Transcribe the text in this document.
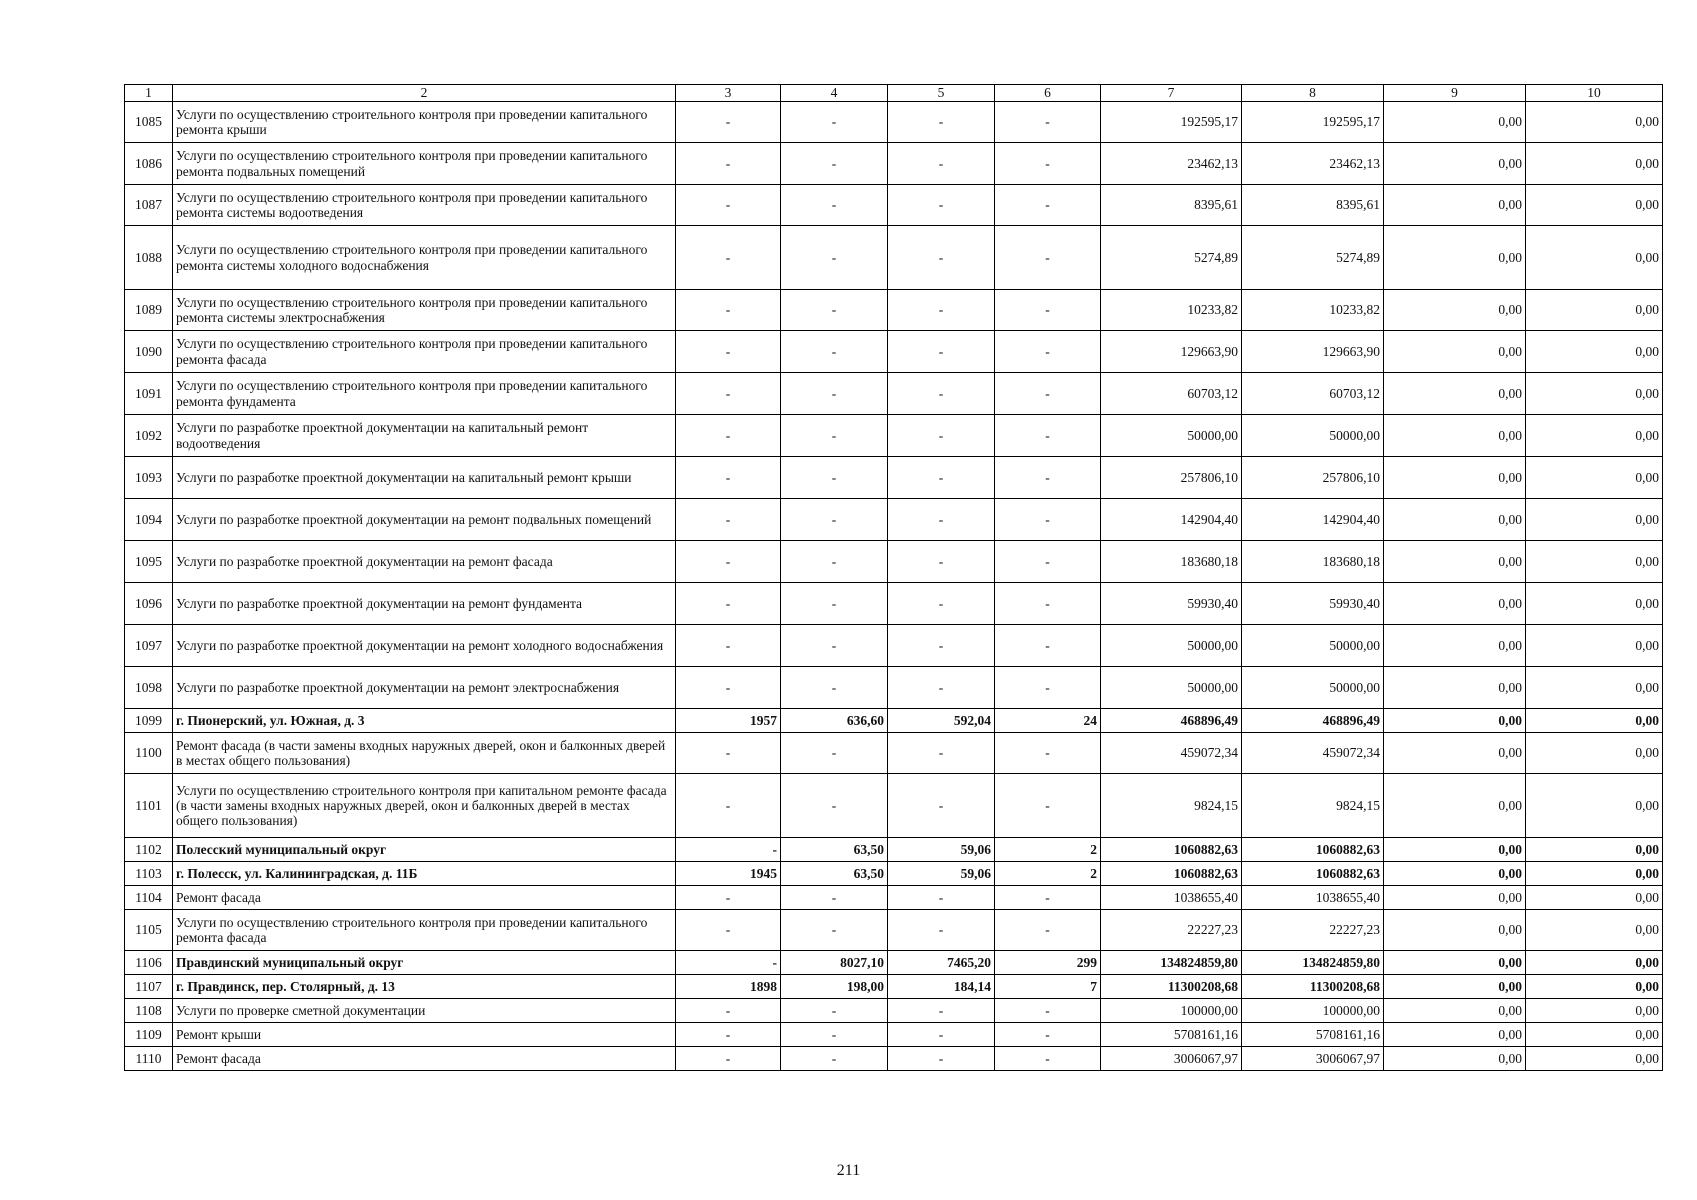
1	2	3	4	5	6	7	8	9	10
1085	Услуги по осуществлению строительного контроля при проведении капитального ремонта крыши	-	-	-	-	192595,17	192595,17	0,00	0,00
1086	Услуги по осуществлению строительного контроля при проведении капитального ремонта подвальных помещений	-	-	-	-	23462,13	23462,13	0,00	0,00
1087	Услуги по осуществлению строительного контроля при проведении капитального ремонта системы водоотведения	-	-	-	-	8395,61	8395,61	0,00	0,00
1088	Услуги по осуществлению строительного контроля при проведении капитального ремонта системы холодного водоснабжения	-	-	-	-	5274,89	5274,89	0,00	0,00
1089	Услуги по осуществлению строительного контроля при проведении капитального ремонта системы электроснабжения	-	-	-	-	10233,82	10233,82	0,00	0,00
1090	Услуги по осуществлению строительного контроля при проведении капитального ремонта фасада	-	-	-	-	129663,90	129663,90	0,00	0,00
1091	Услуги по осуществлению строительного контроля при проведении капитального ремонта фундамента	-	-	-	-	60703,12	60703,12	0,00	0,00
1092	Услуги по разработке проектной документации на капитальный ремонт водоотведения	-	-	-	-	50000,00	50000,00	0,00	0,00
1093	Услуги по разработке проектной документации на капитальный ремонт крыши	-	-	-	-	257806,10	257806,10	0,00	0,00
1094	Услуги по разработке проектной документации на ремонт подвальных помещений	-	-	-	-	142904,40	142904,40	0,00	0,00
1095	Услуги по разработке проектной документации на ремонт фасада	-	-	-	-	183680,18	183680,18	0,00	0,00
1096	Услуги по разработке проектной документации на ремонт фундамента	-	-	-	-	59930,40	59930,40	0,00	0,00
1097	Услуги по разработке проектной документации на ремонт холодного водоснабжения	-	-	-	-	50000,00	50000,00	0,00	0,00
1098	Услуги по разработке проектной документации на ремонт электроснабжения	-	-	-	-	50000,00	50000,00	0,00	0,00
1099	г. Пионерский, ул. Южная, д. 3	1957	636,60	592,04	24	468896,49	468896,49	0,00	0,00
1100	Ремонт фасада (в части замены входных наружных дверей, окон и балконных дверей в местах общего пользования)	-	-	-	-	459072,34	459072,34	0,00	0,00
1101	Услуги по осуществлению строительного контроля при капитальном ремонте фасада (в части замены входных наружных дверей, окон и балконных дверей в местах общего пользования)	-	-	-	-	9824,15	9824,15	0,00	0,00
1102	Полесский муниципальный округ	-	63,50	59,06	2	1060882,63	1060882,63	0,00	0,00
1103	г. Полесск, ул. Калининградская, д. 11Б	1945	63,50	59,06	2	1060882,63	1060882,63	0,00	0,00
1104	Ремонт фасада	-	-	-	-	1038655,40	1038655,40	0,00	0,00
1105	Услуги по осуществлению строительного контроля при проведении капитального ремонта фасада	-	-	-	-	22227,23	22227,23	0,00	0,00
1106	Правдинский муниципальный округ	-	8027,10	7465,20	299	134824859,80	134824859,80	0,00	0,00
1107	г. Правдинск, пер. Столярный, д. 13	1898	198,00	184,14	7	11300208,68	11300208,68	0,00	0,00
1108	Услуги по проверке сметной документации	-	-	-	-	100000,00	100000,00	0,00	0,00
1109	Ремонт крыши	-	-	-	-	5708161,16	5708161,16	0,00	0,00
1110	Ремонт фасада	-	-	-	-	3006067,97	3006067,97	0,00	0,00
211
